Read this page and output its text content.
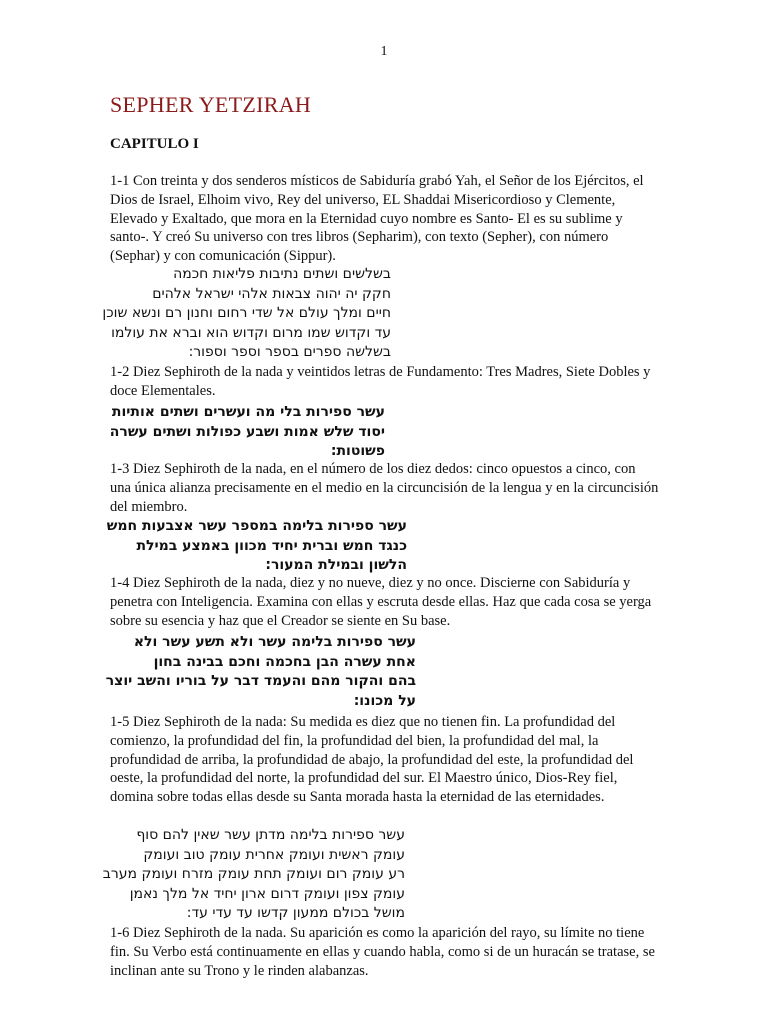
1
SEPHER YETZIRAH
CAPITULO I

1-1 Con treinta y dos senderos místicos de Sabiduría grabó Yah, el Señor de los Ejércitos, el Dios de Israel, Elhoim vivo, Rey del universo, EL Shaddai Misericordioso y Clemente, Elevado y Exaltado, que mora en la Eternidad cuyo nombre es Santo- El es su sublime y santo-. Y creó Su universo con tres libros (Sepharim), con texto (Sepher), con número (Sephar) y con comunicación (Sippur).

בשלשים ושתים נתיבות פליאות חכמה
חקק יה יהוה צבאות אלהי ישראל אלהים
חיים ומלך עולם אל שדי רחום וחנון רם ונשא שוכן
עד וקדוש שמו מרום וקדוש הוא וברא את עולמו
בשלשה ספרים בספר וספר וספור:

1-2 Diez Sephiroth de la nada y veintidos letras de Fundamento: Tres Madres, Siete Dobles y doce Elementales.

עשר ספירות בלי מה ועשרים ושתים אותיות
יסוד שלש אמות ושבע כפולות ושתים עשרה
פשוטות:

1-3 Diez Sephiroth de la nada, en el número de los diez dedos: cinco opuestos a cinco, con una única alianza precisamente en el medio en la circuncisión de la lengua y en la circuncisión del miembro.

עשר ספירות בלימה במספר עשר אצבעות חמש
כנגד חמש וברית יחיד מכוון באמצע במילת
הלשון ובמילת המעור:

1-4 Diez Sephiroth de la nada, diez y no nueve, diez y no once. Discierne con Sabiduría y penetra con Inteligencia. Examina con ellas y escruta desde ellas. Haz que cada cosa se yerga sobre su esencia y haz que el Creador se siente en Su base.

עשר ספירות בלימה עשר ולא תשע עשר ולא
אחת עשרה הבן בחכמה וחכם בבינה בחון
בהם והקור מהם והעמד דבר על בוריו והשב יוצר
על מכונו:

1-5 Diez Sephiroth de la nada: Su medida es diez que no tienen fin. La profundidad del comienzo, la profundidad del fin, la profundidad del bien, la profundidad del mal, la profundidad de arriba, la profundidad de abajo, la profundidad del este, la profundidad del oeste, la profundidad del norte, la profundidad del sur. El Maestro único, Dios-Rey fiel, domina sobre todas ellas desde su Santa morada hasta la eternidad de las eternidades.

עשר ספירות בלימה מדתן עשר שאין להם סוף
עומק ראשית ועומק אחרית עומק טוב ועומק
רע עומק רום ועומק תחת עומק מזרח ועומק מערב
עומק צפון ועומק דרום ארון יחיד אל מלך נאמן
מושל בכולם ממעון קדשו עד עדי עד:

1-6 Diez Sephiroth de la nada. Su aparición es como la aparición del rayo, su límite no tiene fin. Su Verbo está continuamente en ellas y cuando habla, como si de un huracán se tratase, se inclinan ante su Trono y le rinden alabanzas.
